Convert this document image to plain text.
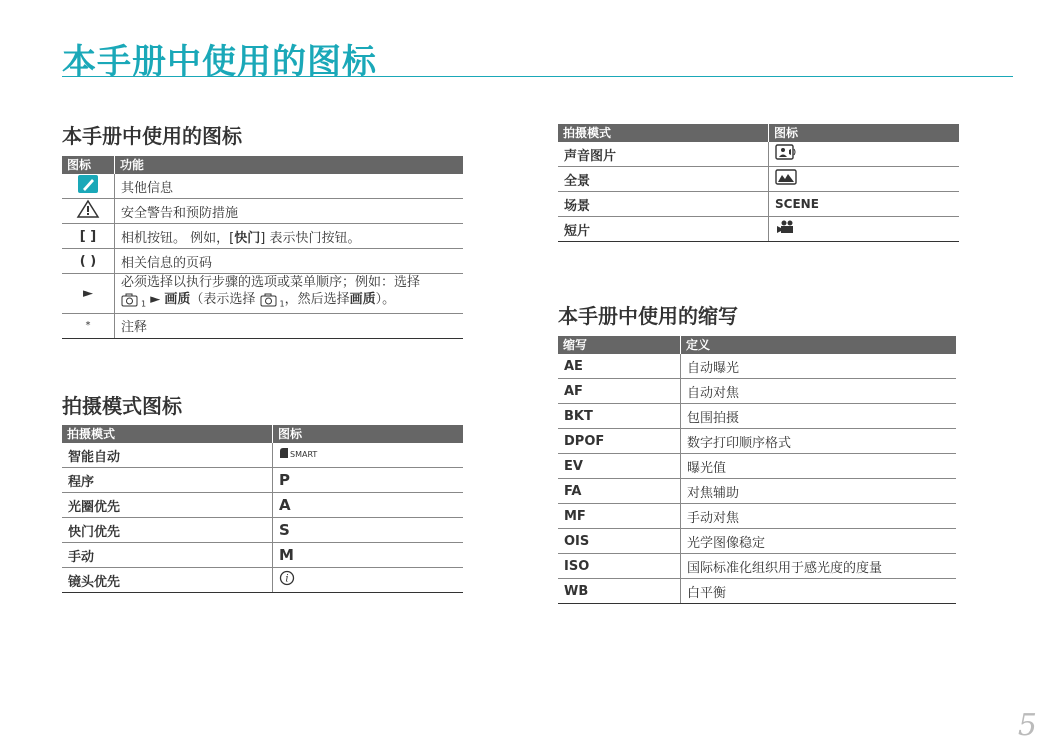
本手册中使用的图标
本手册中使用的图标
图标	功能

	其他信息

	安全警告和预防措施
[ ]	相机按钮。 例如，[快门] 表示快门按钮。
( )	相关信息的页码
►	必须选择以执行步骤的选项或菜单顺序；例如：选择
$_1$ ► 画质（表示选择 $_1$，然后选择画质）。

*	注释
拍摄模式图标
拍摄模式	图标
智能自动	SMART

程序	P
光圈优先	A
快门优先	S
手动	M
镜头优先	i
拍摄模式	图标
声音图片	

全景	

场景	SCENE
短片	
本手册中使用的缩写
缩写	定义
AE	自动曝光
AF	自动对焦
BKT	包围拍摄
DPOF	数字打印顺序格式
EV	曝光值
FA	对焦辅助
MF	手动对焦
OIS	光学图像稳定
ISO	国际标准化组织用于感光度的度量
WB	白平衡
5
